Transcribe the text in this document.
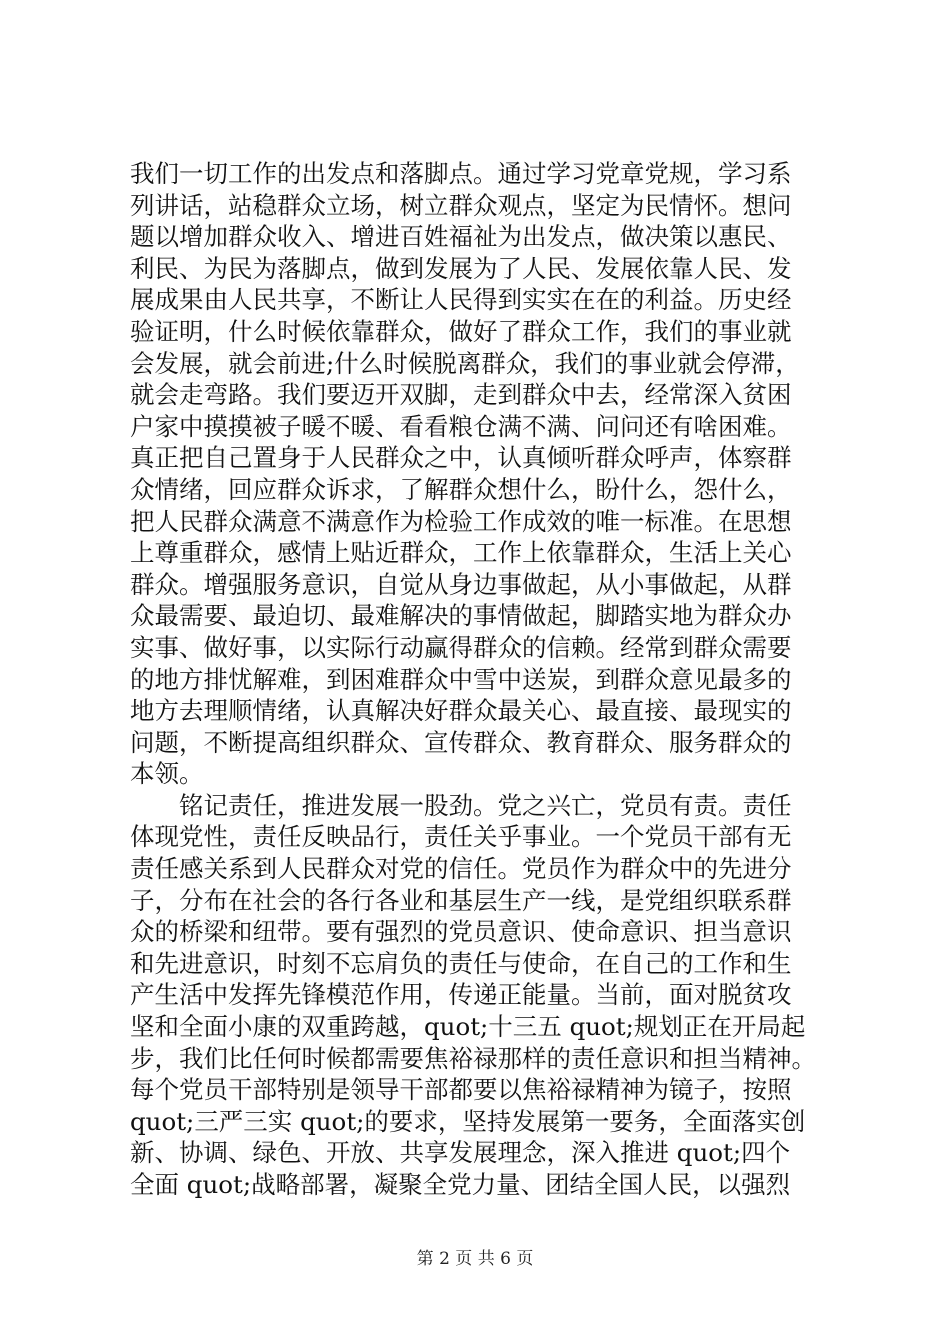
我们一切工作的出发点和落脚点。通过学习党章党规，学习系
列讲话，站稳群众立场，树立群众观点，坚定为民情怀。想问
题以增加群众收入、增进百姓福祉为出发点，做决策以惠民、
利民、为民为落脚点，做到发展为了人民、发展依靠人民、发
展成果由人民共享，不断让人民得到实实在在的利益。历史经
验证明，什么时候依靠群众，做好了群众工作，我们的事业就
会发展，就会前进;什么时候脱离群众，我们的事业就会停滞，
就会走弯路。我们要迈开双脚，走到群众中去，经常深入贫困
户家中摸摸被子暖不暖、看看粮仓满不满、问问还有啥困难。
真正把自己置身于人民群众之中，认真倾听群众呼声，体察群
众情绪，回应群众诉求，了解群众想什么，盼什么，怨什么，
把人民群众满意不满意作为检验工作成效的唯一标准。在思想
上尊重群众，感情上贴近群众，工作上依靠群众，生活上关心
群众。增强服务意识，自觉从身边事做起，从小事做起，从群
众最需要、最迫切、最难解决的事情做起，脚踏实地为群众办
实事、做好事，以实际行动赢得群众的信赖。经常到群众需要
的地方排忧解难，到困难群众中雪中送炭，到群众意见最多的
地方去理顺情绪，认真解决好群众最关心、最直接、最现实的
问题，不断提高组织群众、宣传群众、教育群众、服务群众的
本领。
　　铭记责任，推进发展一股劲。党之兴亡，党员有责。责任
体现党性，责任反映品行，责任关乎事业。一个党员干部有无
责任感关系到人民群众对党的信任。党员作为群众中的先进分
子，分布在社会的各行各业和基层生产一线，是党组织联系群
众的桥梁和纽带。要有强烈的党员意识、使命意识、担当意识
和先进意识，时刻不忘肩负的责任与使命，在自己的工作和生
产生活中发挥先锋模范作用，传递正能量。当前，面对脱贫攻
坚和全面小康的双重跨越，quot;十三五 quot;规划正在开局起
步，我们比任何时候都需要焦裕禄那样的责任意识和担当精神。
每个党员干部特别是领导干部都要以焦裕禄精神为镜子，按照
quot;三严三实 quot;的要求，坚持发展第一要务，全面落实创
新、协调、绿色、开放、共享发展理念，深入推进 quot;四个
全面 quot;战略部署，凝聚全党力量、团结全国人民，以强烈
第 2 页 共 6 页
